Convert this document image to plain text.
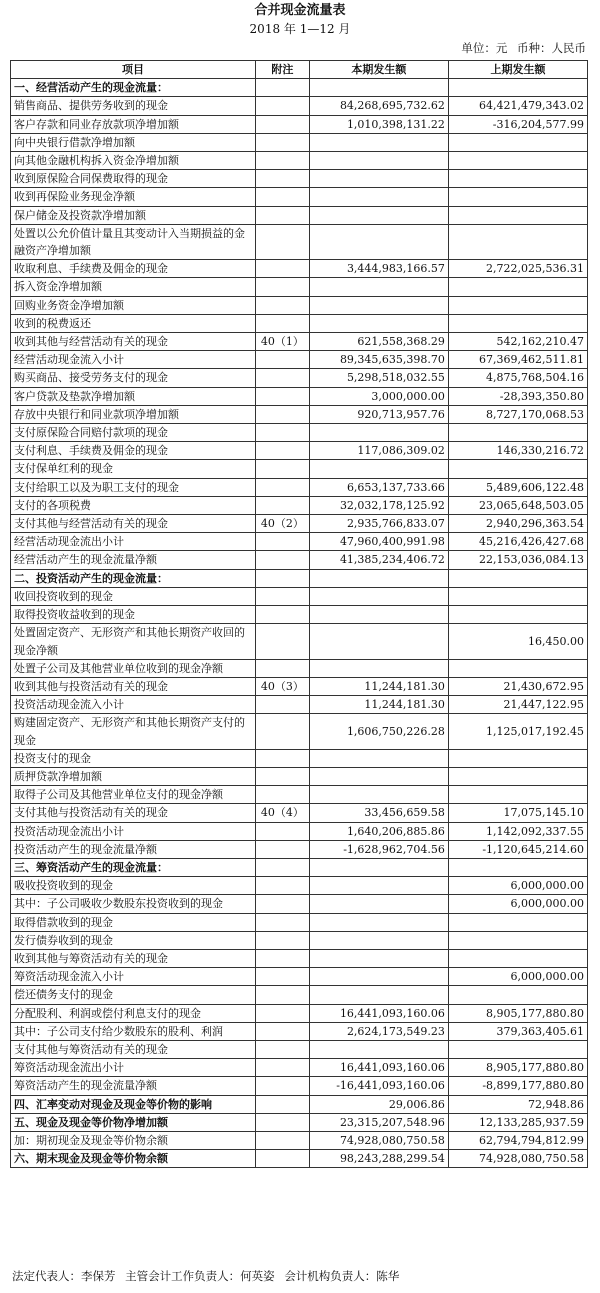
合并现金流量表
2018 年 1—12 月
单位：元 币种：人民币
项目	附注	本期发生额	上期发生额
一、经营活动产生的现金流量：			
销售商品、提供劳务收到的现金		84,268,695,732.62	64,421,479,343.02
客户存款和同业存放款项净增加额		1,010,398,131.22	-316,204,577.99
向中央银行借款净增加额			
向其他金融机构拆入资金净增加额			
收到原保险合同保费取得的现金			
收到再保险业务现金净额			
保户储金及投资款净增加额			
处置以公允价值计量且其变动计入当期损益的金融资产净增加额			
收取利息、手续费及佣金的现金		3,444,983,166.57	2,722,025,536.31
拆入资金净增加额			
回购业务资金净增加额			
收到的税费返还			
收到其他与经营活动有关的现金	40（1）	621,558,368.29	542,162,210.47
经营活动现金流入小计		89,345,635,398.70	67,369,462,511.81
购买商品、接受劳务支付的现金		5,298,518,032.55	4,875,768,504.16
客户贷款及垫款净增加额		3,000,000.00	-28,393,350.80
存放中央银行和同业款项净增加额		920,713,957.76	8,727,170,068.53
支付原保险合同赔付款项的现金			
支付利息、手续费及佣金的现金		117,086,309.02	146,330,216.72
支付保单红利的现金			
支付给职工以及为职工支付的现金		6,653,137,733.66	5,489,606,122.48
支付的各项税费		32,032,178,125.92	23,065,648,503.05
支付其他与经营活动有关的现金	40（2）	2,935,766,833.07	2,940,296,363.54
经营活动现金流出小计		47,960,400,991.98	45,216,426,427.68
经营活动产生的现金流量净额		41,385,234,406.72	22,153,036,084.13
二、投资活动产生的现金流量：			
收回投资收到的现金			
取得投资收益收到的现金			
处置固定资产、无形资产和其他长期资产收回的现金净额			16,450.00
处置子公司及其他营业单位收到的现金净额			
收到其他与投资活动有关的现金	40（3）	11,244,181.30	21,430,672.95
投资活动现金流入小计		11,244,181.30	21,447,122.95
购建固定资产、无形资产和其他长期资产支付的现金		1,606,750,226.28	1,125,017,192.45
投资支付的现金			
质押贷款净增加额			
取得子公司及其他营业单位支付的现金净额			
支付其他与投资活动有关的现金	40（4）	33,456,659.58	17,075,145.10
投资活动现金流出小计		1,640,206,885.86	1,142,092,337.55
投资活动产生的现金流量净额		-1,628,962,704.56	-1,120,645,214.60
三、筹资活动产生的现金流量：			
吸收投资收到的现金			6,000,000.00
其中：子公司吸收少数股东投资收到的现金			6,000,000.00
取得借款收到的现金			
发行债券收到的现金			
收到其他与筹资活动有关的现金			
筹资活动现金流入小计			6,000,000.00
偿还债务支付的现金			
分配股利、利润或偿付利息支付的现金		16,441,093,160.06	8,905,177,880.80
其中：子公司支付给少数股东的股利、利润		2,624,173,549.23	379,363,405.61
支付其他与筹资活动有关的现金			
筹资活动现金流出小计		16,441,093,160.06	8,905,177,880.80
筹资活动产生的现金流量净额		-16,441,093,160.06	-8,899,177,880.80
四、汇率变动对现金及现金等价物的影响		29,006.86	72,948.86
五、现金及现金等价物净增加额		23,315,207,548.96	12,133,285,937.59
加：期初现金及现金等价物余额		74,928,080,750.58	62,794,794,812.99
六、期末现金及现金等价物余额		98,243,288,299.54	74,928,080,750.58
法定代表人：李保芳 主管会计工作负责人：何英姿 会计机构负责人：陈华
